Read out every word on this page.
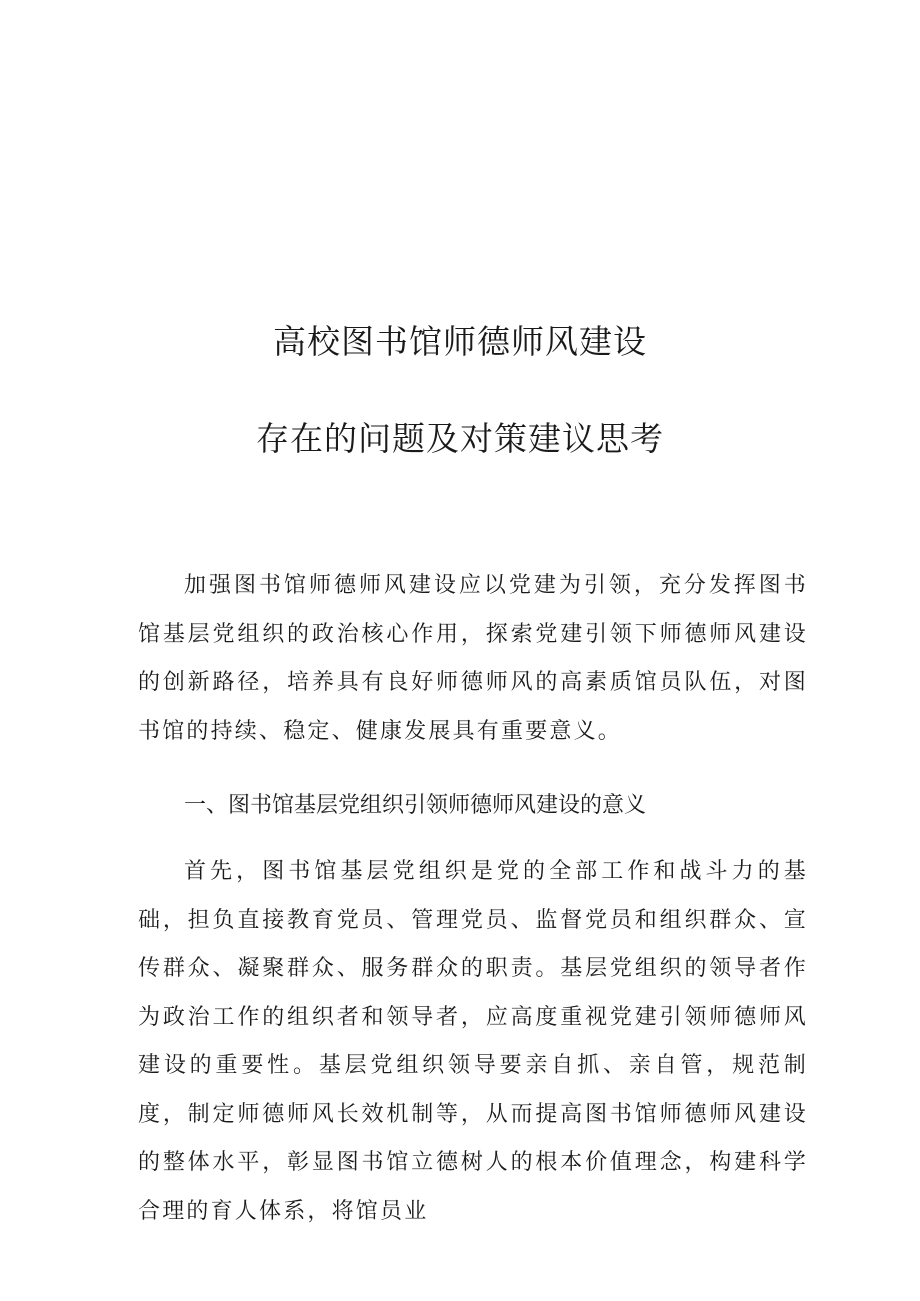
高校图书馆师德师风建设
存在的问题及对策建议思考

加强图书馆师德师风建设应以党建为引领，充分发挥图书馆基层党组织的政治核心作用，探索党建引领下师德师风建设的创新路径，培养具有良好师德师风的高素质馆员队伍，对图书馆的持续、稳定、健康发展具有重要意义。

一、图书馆基层党组织引领师德师风建设的意义

首先，图书馆基层党组织是党的全部工作和战斗力的基础，担负直接教育党员、管理党员、监督党员和组织群众、宣传群众、凝聚群众、服务群众的职责。基层党组织的领导者作为政治工作的组织者和领导者，应高度重视党建引领师德师风建设的重要性。基层党组织领导要亲自抓、亲自管，规范制度，制定师德师风长效机制等，从而提高图书馆师德师风建设的整体水平，彰显图书馆立德树人的根本价值理念，构建科学合理的育人体系，将馆员业
